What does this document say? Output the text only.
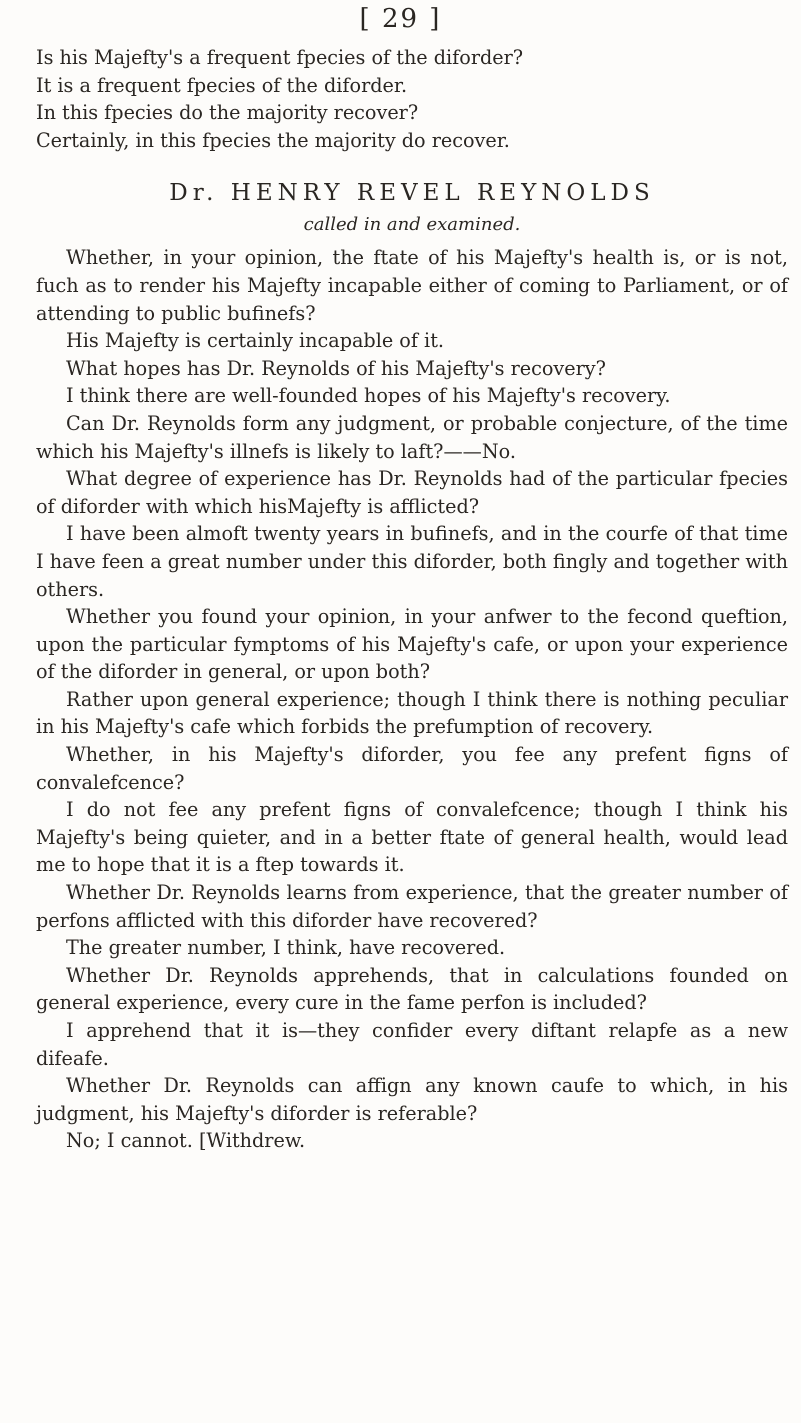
[ 29 ]

Is his Majefty's a frequent fpecies of the diforder?

It is a frequent fpecies of the diforder.

In this fpecies do the majority recover?

Certainly, in this fpecies the majority do recover.

Dr. HENRY REVEL REYNOLDS
called in and examined.

Whether, in your opinion, the ftate of his Majefty's health is, or is not, fuch as to render his Majefty incapable either of coming to Parliament, or of attending to public bufinefs?

His Majefty is certainly incapable of it.

What hopes has Dr. Reynolds of his Majefty's recovery?

I think there are well-founded hopes of his Majefty's recovery.

Can Dr. Reynolds form any judgment, or probable conjecture, of the time which his Majefty's illnefs is likely to laft?——No.

What degree of experience has Dr. Reynolds had of the particular fpecies of diforder with which hisMajefty is afflicted?

I have been almoft twenty years in bufinefs, and in the courfe of that time I have feen a great number under this diforder, both fingly and together with others.

Whether you found your opinion, in your anfwer to the fecond queftion, upon the particular fymptoms of his Majefty's cafe, or upon your experience of the diforder in general, or upon both?

Rather upon general experience; though I think there is nothing peculiar in his Majefty's cafe which forbids the prefumption of recovery.

Whether, in his Majefty's diforder, you fee any prefent figns of convalefcence?

I do not fee any prefent figns of convalefcence; though I think his Majefty's being quieter, and in a better ftate of general health, would lead me to hope that it is a ftep towards it.

Whether Dr. Reynolds learns from experience, that the greater number of perfons afflicted with this diforder have recovered?

The greater number, I think, have recovered.

Whether Dr. Reynolds apprehends, that in calculations founded on general experience, every cure in the fame perfon is included?

I apprehend that it is—they confider every diftant relapfe as a new difeafe.

Whether Dr. Reynolds can affign any known caufe to which, in his judgment, his Majefty's diforder is referable?

No; I cannot. [Withdrew.
